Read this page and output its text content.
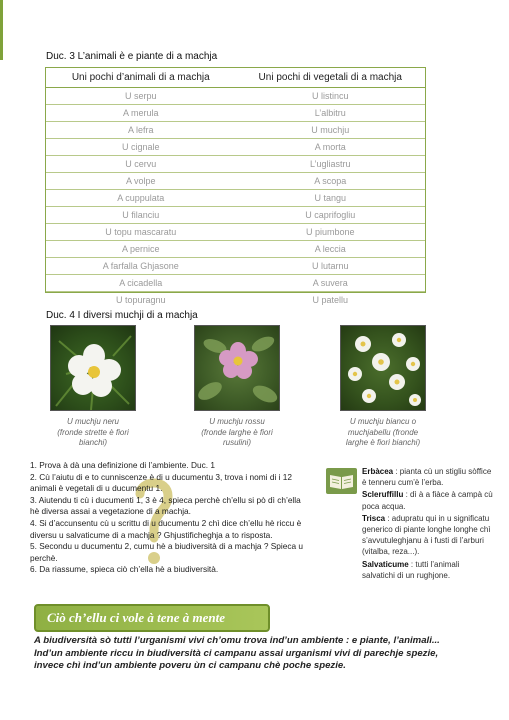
Duc. 3 L’animali è e piante di a machja
Uni pochi d’animali di a machja	Uni pochi di vegetali di a machja
U serpu	U listincu
A merula	L’albitru
A lefra	U muchju
U cignale	A morta
U cervu	L’ugliastru
A volpe	A scopa
A cuppulata	U tangu
U filanciu	U caprifogliu
U topu mascaratu	U piumbone
A pernice	A leccia
A farfalla Ghjasone	U lutarnu
A cicadella	A suvera
U topuragnu	U patellu
Duc. 4 I diversi muchji di a machja
U muchju neru
(fronde strette è fiori
bianchi)
U muchju rossu
(fronde larghe è fiori
rusulini)
U muchju biancu o
muchjabellu (fronde
larghe è fiori bianchi)

1. Prova à dà una definizione di l’ambiente. Duc. 1

2. Cù l’aiutu di e to cunniscenze è di u ducumentu 3, trova i nomi di i 12 animali è vegetali di u ducumentu 1.

3. Aiutendu ti cù i ducumenti 1, 3 è 4, spieca perchè ch’ellu si pò dì ch’ella hè diversa assai a vegetazione di a machja.

4. Si d’accunsentu cù u scrittu di u ducumentu 2 chì dice ch’ellu hè riccu è diversu u salvaticume di a machja ? Ghjustificheghja a to risposta.

5. Secondu u ducumentu 2, cumu hè a biudiversità di a machja ? Spieca u perchè.

6. Da riassume, spieca ciò ch’ella hè a biudiversità.

Erbàcea : pianta cù un stigliu sòffice è tenneru cum’è l’erba.

Scleruffillu : dì à a fiàce à campà cù poca acqua.

Trisca : adupratu qui in u significatu generico di piante longhe longhe chì s’avvutuleghjanu à i fusti di l’arburi (vitalba, reza...).

Salvaticume : tutti l’animali salvatichi di un rughjone.

Ciò ch’ellu ci vole à tene à mente
A biudiversità sò tutti l’urganismi vivi ch’omu trova ind’un ambiente : e piante, l’animali... Ind’un ambiente riccu in biudiversità ci campanu assai urganismi vivi di parechje spezie, invece chì ind’un ambiente poveru ùn ci campanu chè poche spezie.
